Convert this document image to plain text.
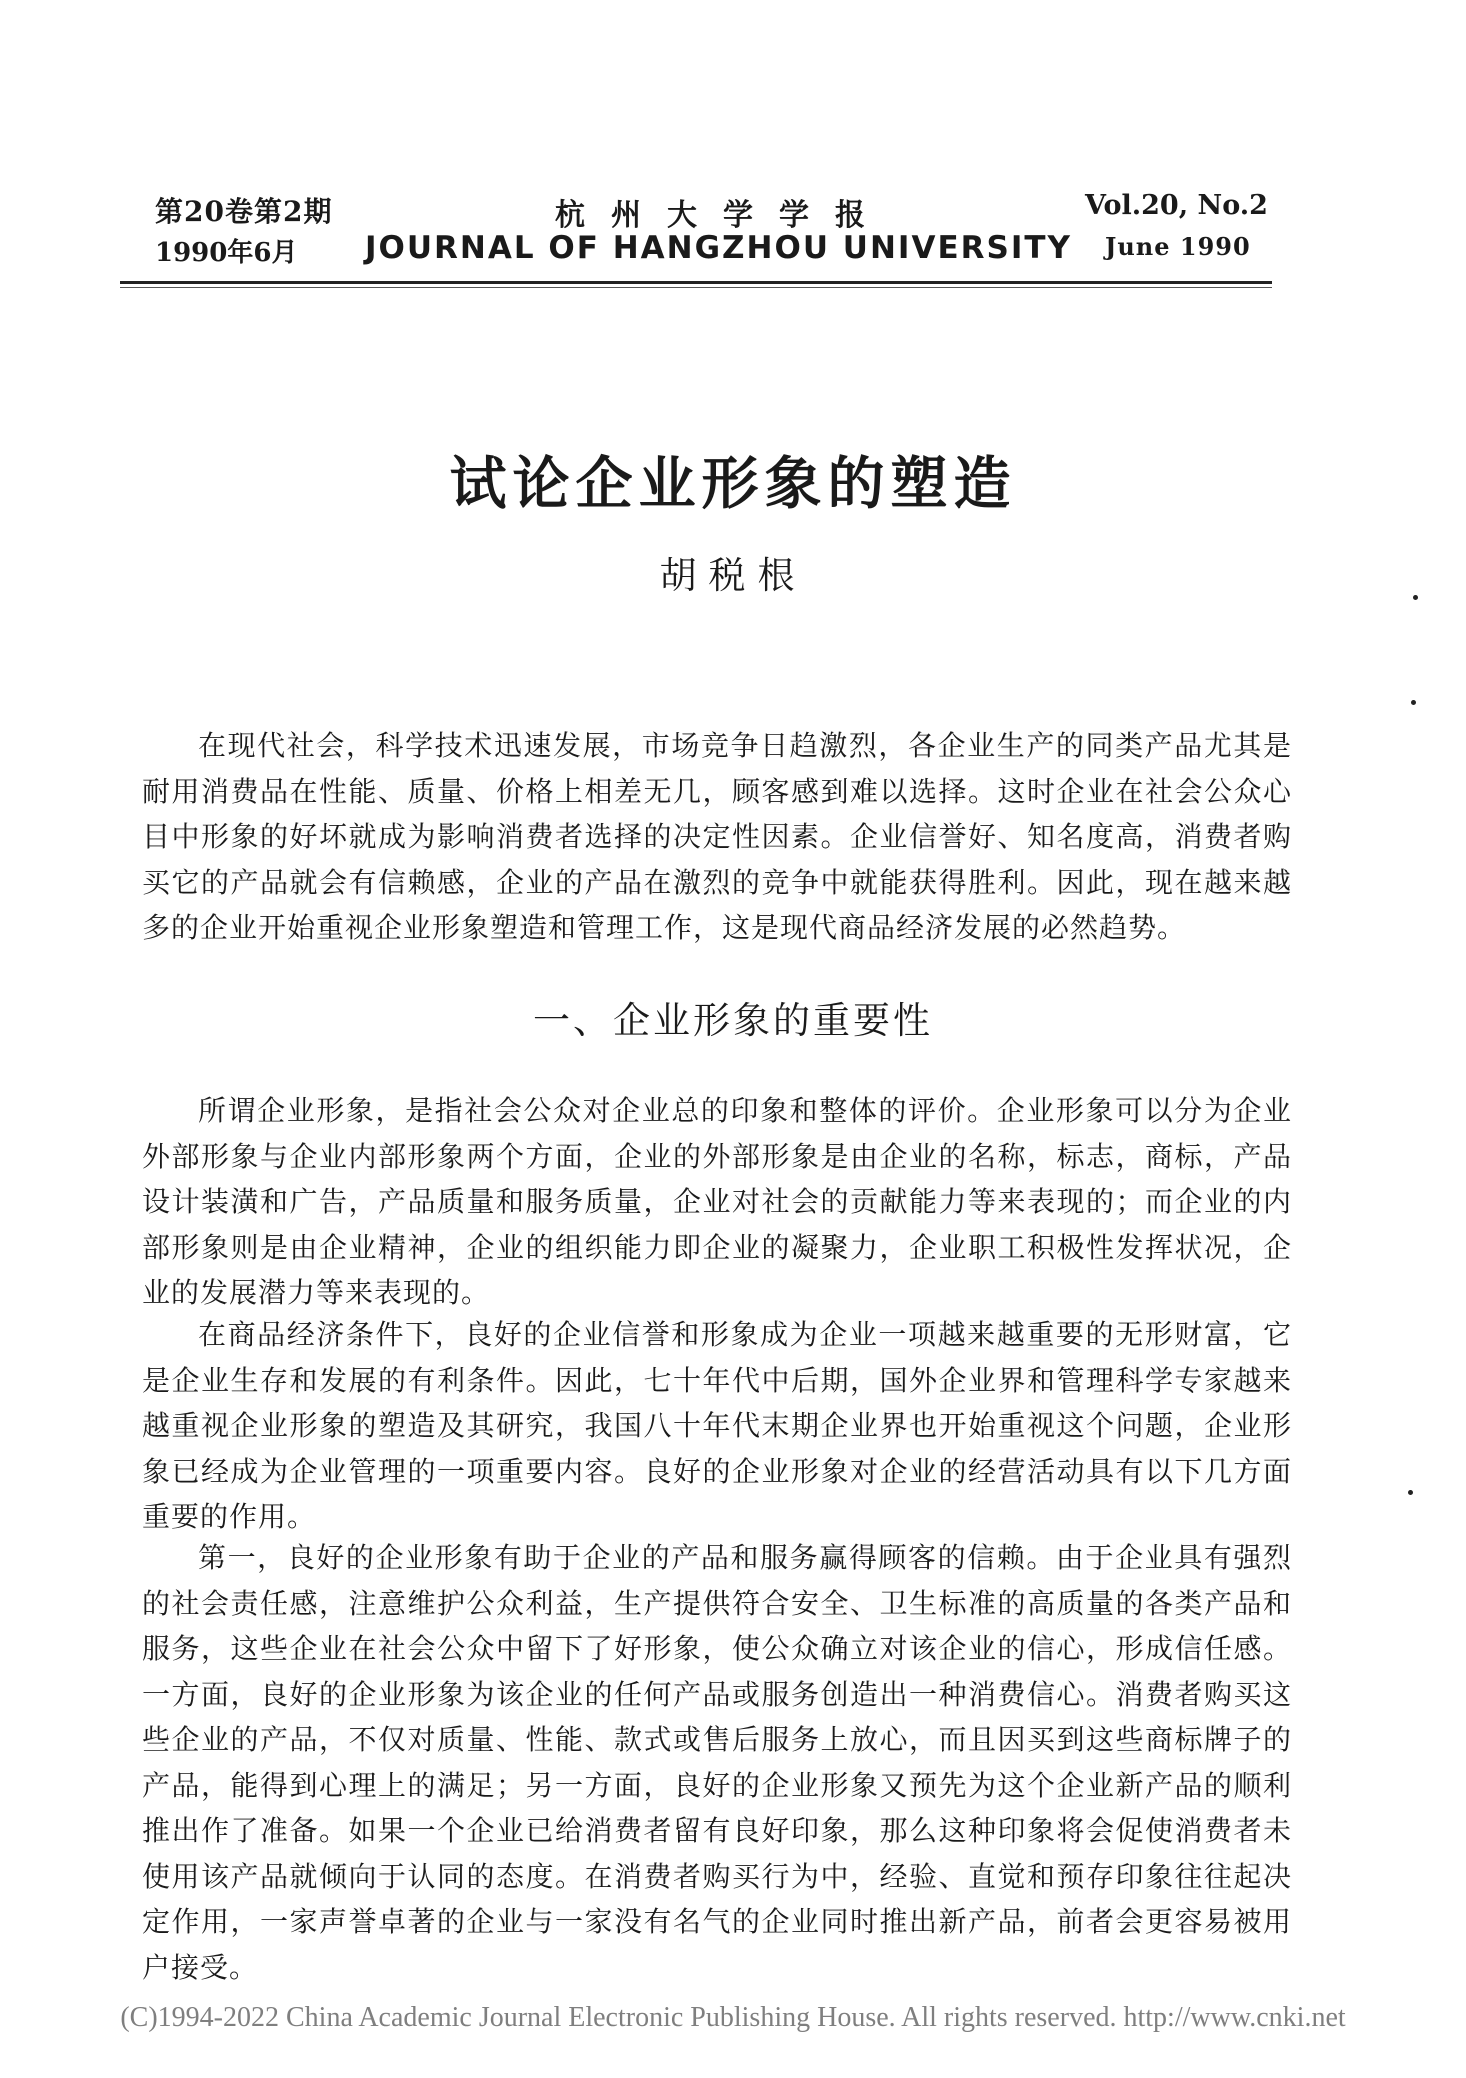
第20卷第2期
1990年6月
杭州大学学报
JOURNAL OF HANGZHOU UNIVERSITY
Vol.20, No.2
June 1990
试论企业形象的塑造
胡税根

在现代社会，科学技术迅速发展，市场竞争日趋激烈，各企业生产的同类产品尤其是耐用消费品在性能、质量、价格上相差无几，顾客感到难以选择。这时企业在社会公众心目中形象的好坏就成为影响消费者选择的决定性因素。企业信誉好、知名度高，消费者购买它的产品就会有信赖感，企业的产品在激烈的竞争中就能获得胜利。因此，现在越来越多的企业开始重视企业形象塑造和管理工作，这是现代商品经济发展的必然趋势。

一、企业形象的重要性

所谓企业形象，是指社会公众对企业总的印象和整体的评价。企业形象可以分为企业外部形象与企业内部形象两个方面，企业的外部形象是由企业的名称，标志，商标，产品设计装潢和广告，产品质量和服务质量，企业对社会的贡献能力等来表现的；而企业的内部形象则是由企业精神，企业的组织能力即企业的凝聚力，企业职工积极性发挥状况，企业的发展潜力等来表现的。

在商品经济条件下，良好的企业信誉和形象成为企业一项越来越重要的无形财富，它是企业生存和发展的有利条件。因此，七十年代中后期，国外企业界和管理科学专家越来越重视企业形象的塑造及其研究，我国八十年代末期企业界也开始重视这个问题，企业形象已经成为企业管理的一项重要内容。良好的企业形象对企业的经营活动具有以下几方面重要的作用。

第一，良好的企业形象有助于企业的产品和服务赢得顾客的信赖。由于企业具有强烈的社会责任感，注意维护公众利益，生产提供符合安全、卫生标准的高质量的各类产品和服务，这些企业在社会公众中留下了好形象，使公众确立对该企业的信心，形成信任感。一方面，良好的企业形象为该企业的任何产品或服务创造出一种消费信心。消费者购买这些企业的产品，不仅对质量、性能、款式或售后服务上放心，而且因买到这些商标牌子的产品，能得到心理上的满足；另一方面，良好的企业形象又预先为这个企业新产品的顺利推出作了准备。如果一个企业已给消费者留有良好印象，那么这种印象将会促使消费者未使用该产品就倾向于认同的态度。在消费者购买行为中，经验、直觉和预存印象往往起决定作用，一家声誉卓著的企业与一家没有名气的企业同时推出新产品，前者会更容易被用户接受。

(C)1994-2022 China Academic Journal Electronic Publishing House. All rights reserved. http://www.cnki.net
